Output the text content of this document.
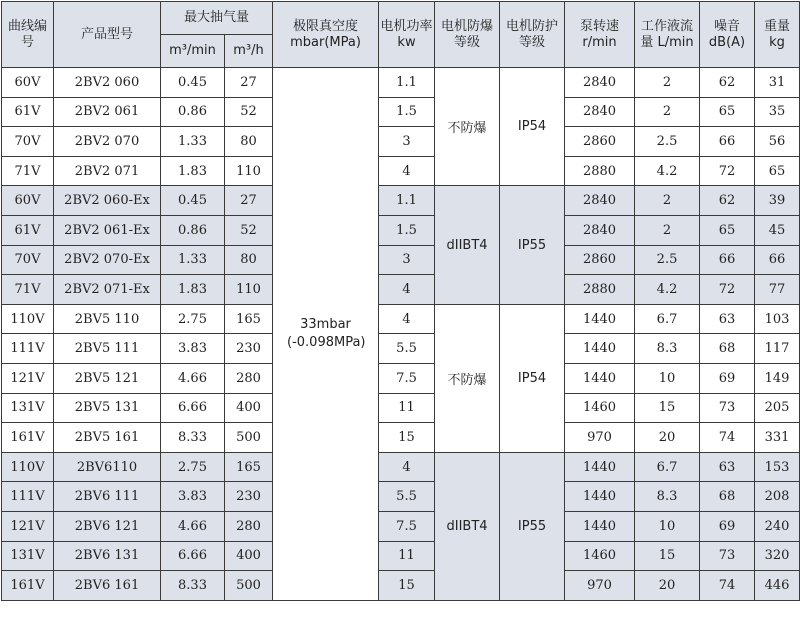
曲线编号	产品型号	最大抽气量		极限真空度 mbar(MPa)	电机功率 kw	电机防爆等级	电机防护等级	泵转速 r/min	工作液流量 L/min	噪音 dB(A)	重量 kg
		m³/min	m³/h								
60V	2BV2 060	0.45	27	33mbar (-0.098MPa)	1.1	不防爆	IP54	2840	2	62	31
61V	2BV2 061	0.86	52		1.5			2840	2	65	35
70V	2BV2 070	1.33	80		3			2860	2.5	66	56
71V	2BV2 071	1.83	110		4			2880	4.2	72	65
60V	2BV2 060-Ex	0.45	27		1.1	dIIBT4	IP55	2840	2	62	39
61V	2BV2 061-Ex	0.86	52		1.5			2840	2	65	45
70V	2BV2 070-Ex	1.33	80		3			2860	2.5	66	66
71V	2BV2 071-Ex	1.83	110		4			2880	4.2	72	77
110V	2BV5 110	2.75	165		4	不防爆	IP54	1440	6.7	63	103
111V	2BV5 111	3.83	230		5.5			1440	8.3	68	117
121V	2BV5 121	4.66	280		7.5			1440	10	69	149
131V	2BV5 131	6.66	400		11			1460	15	73	205
161V	2BV5 161	8.33	500		15			970	20	74	331
110V	2BV6110	2.75	165		4	dIIBT4	IP55	1440	6.7	63	153
111V	2BV6 111	3.83	230		5.5			1440	8.3	68	208
121V	2BV6 121	4.66	280		7.5			1440	10	69	240
131V	2BV6 131	6.66	400		11			1460	15	73	320
161V	2BV6 161	8.33	500		15			970	20	74	446
